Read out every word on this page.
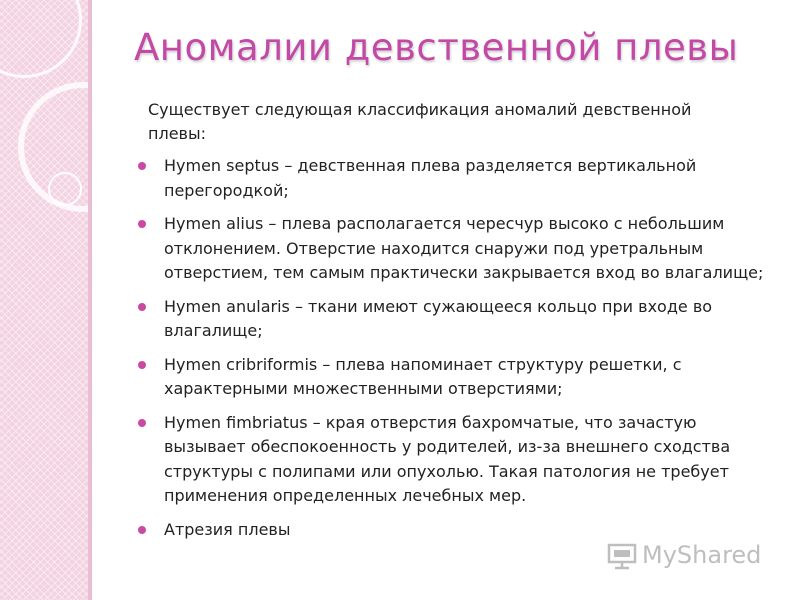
Аномалии девственной плевы

Существует следующая классификация аномалий девственной плевы:

Hymen septus – девственная плева разделяется вертикальной перегородкой;
Hymen alius – плева располагается чересчур высоко с небольшим отклонением. Отверстие находится снаружи под уретральным отверстием, тем самым практически закрывается вход во влагалище;
Hymen anularis – ткани имеют сужающееся кольцо при входе во влагалище;
Hymen cribriformis – плева напоминает структуру решетки, с характерными множественными отверстиями;
Hymen fimbriatus – края отверстия бахромчатые, что зачастую вызывает обеспокоенность у родителей, из-за внешнего сходства структуры с полипами или опухолью. Такая патология не требует применения определенных лечебных мер.
Атрезия плевы
MyShared
